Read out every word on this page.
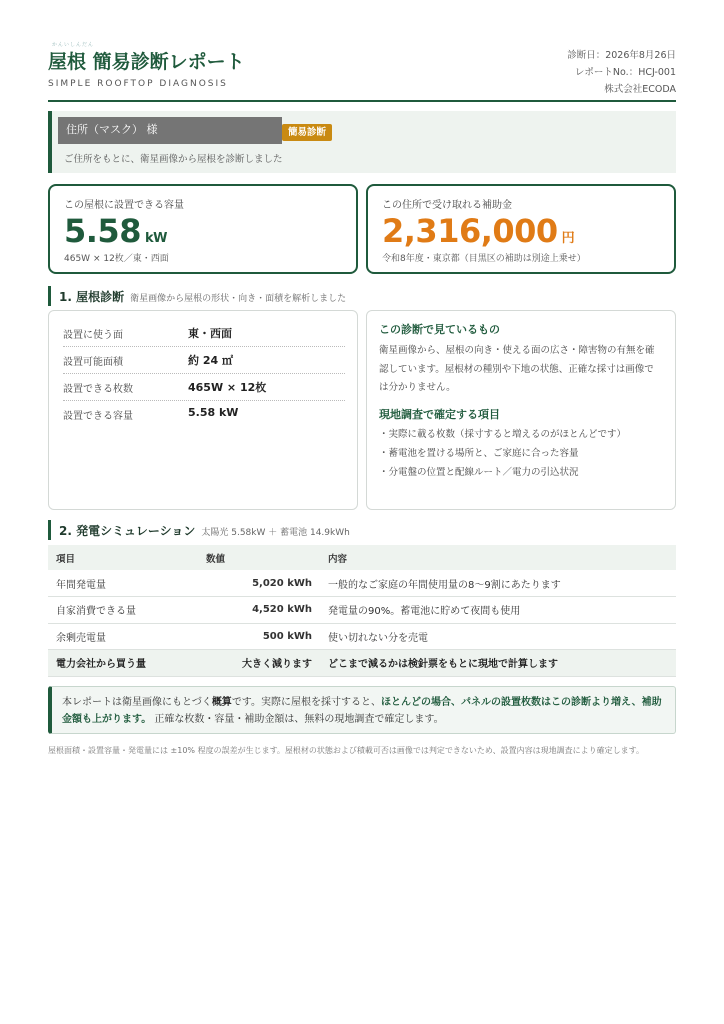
かんいしんだん
屋根 簡易診断レポート
SIMPLE ROOFTOP DIAGNOSIS
診断日：2026年8月26日
レポートNo.：HCJ-001
株式会社ECODA
住所（マスク） 様	簡易診断
ご住所をもとに、衛星画像から屋根を診断しました
この屋根に設置できる容量
5.58 kW
465W × 12枚／東・西面
この住所で受け取れる補助金
2,316,000 円
令和8年度・東京都（目黒区の補助は別途上乗せ）
1. 屋根診断 衛星画像から屋根の形状・向き・面積を解析しました
設置に使う面	東・西面
設置可能面積	約 24 ㎡
設置できる枚数	465W × 12枚
設置できる容量	5.58 kW
この診断で見ているもの
衛星画像から、屋根の向き・使える面の広さ・障害物の有無を確認しています。屋根材の種別や下地の状態、正確な採寸は画像では分かりません。
現地調査で確定する項目
・実際に載る枚数（採寸すると増えるのがほとんどです）
・蓄電池を置ける場所と、ご家庭に合った容量
・分電盤の位置と配線ルート／電力の引込状況
2. 発電シミュレーション 太陽光 5.58kW ＋ 蓄電池 14.9kWh
項目	数値	内容
年間発電量	5,020 kWh	一般的なご家庭の年間使用量の8〜9割にあたります
自家消費できる量	4,520 kWh	発電量の90%。蓄電池に貯めて夜間も使用
余剰売電量	500 kWh	使い切れない分を売電
電力会社から買う量	大きく減ります	どこまで減るかは検針票をもとに現地で計算します
本レポートは衛星画像にもとづく概算です。実際に屋根を採寸すると、ほとんどの場合、パネルの設置枚数はこの診断より増え、補助金額も上がります。 正確な枚数・容量・補助金額は、無料の現地調査で確定します。
屋根面積・設置容量・発電量には ±10% 程度の誤差が生じます。屋根材の状態および積載可否は画像では判定できないため、設置内容は現地調査により確定します。
